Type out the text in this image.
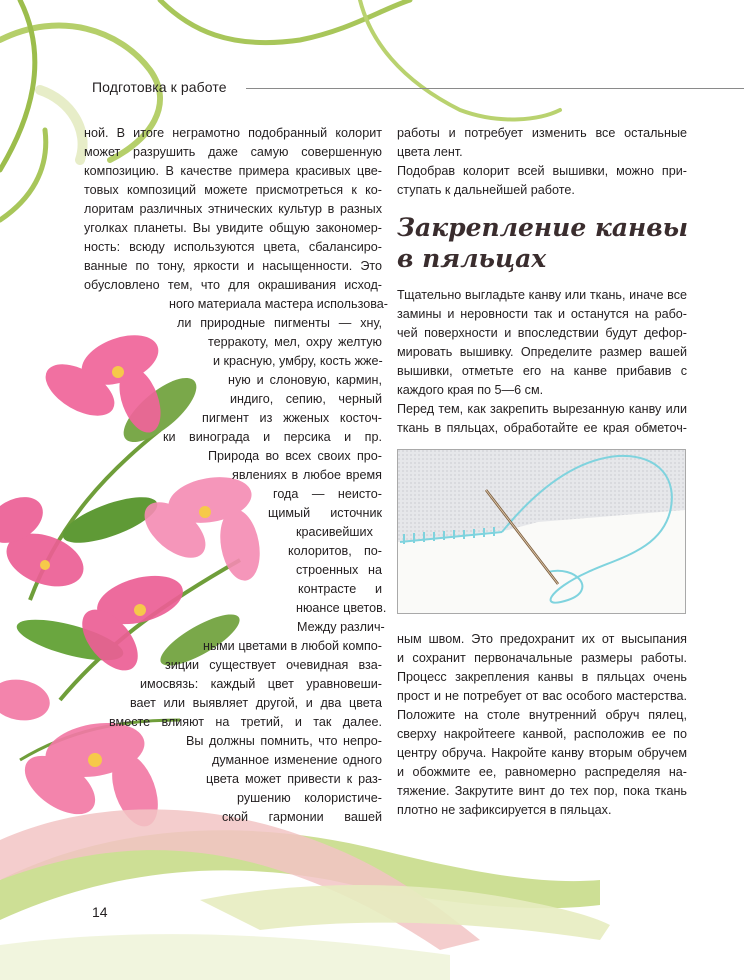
Подготовка к работе
ной. В итоге неграмотно подобранный колорит
может разрушить даже самую совершенную
композицию. В качестве примера красивых цве-
товых композиций можете присмотреться к ко-
лоритам различных этнических культур в разных
уголках планеты. Вы увидите общую закономер-
ность: всюду используются цвета, сбалансиро-
ванные по тону, яркости и насыщенности. Это
обусловлено тем, что для окрашивания исход-
ного материала мастера использова-
ли природные пигменты — хну,
терракоту, мел, охру желтую
и красную, умбру, кость жже-
ную и слоновую, кармин,
индиго, сепию, черный
пигмент из жженых косточ-
ки винограда и персика и пр.
Природа во всех своих про-
явлениях в любое время
года — неисто-
щимый источник
красивейших
колоритов, по-
строенных на
контрасте и
нюансе цветов.
Между различ-
ными цветами в любой компо-
зиции существует очевидная вза-
имосвязь: каждый цвет уравновеши-
вает или выявляет другой, и два цвета
вместе влияют на третий, и так далее.
Вы должны помнить, что непро-
думанное изменение одного
цвета может привести к раз-
рушению колористиче-
ской гармонии вашей
работы и потребует изменить все остальные
цвета лент.
Подобрав колорит всей вышивки, можно при-
ступать к дальнейшей работе.
Закрепление канвы
в пяльцах
Тщательно выгладьте канву или ткань, иначе все
замины и неровности так и останутся на рабо-
чей поверхности и впоследствии будут дефор-
мировать вышивку. Определите размер вашей
вышивки, отметьте его на канве прибавив с
каждого края по 5—6 см.
Перед тем, как закрепить вырезанную канву или
ткань в пяльцах, обработайте ее края обметоч-
ным швом. Это предохранит их от высыпания
и сохранит первоначальные размеры работы.
Процесс закрепления канвы в пяльцах очень
прост и не потребует от вас особого мастерства.
Положите на столе внутренний обруч пялец,
сверху накройтееге канвой, расположив ее по
центру обруча. Накройте канву вторым обручем
и обожмите ее, равномерно распределяя на-
тяжение. Закрутите винт до тех пор, пока ткань
плотно не зафиксируется в пяльцах.
14
